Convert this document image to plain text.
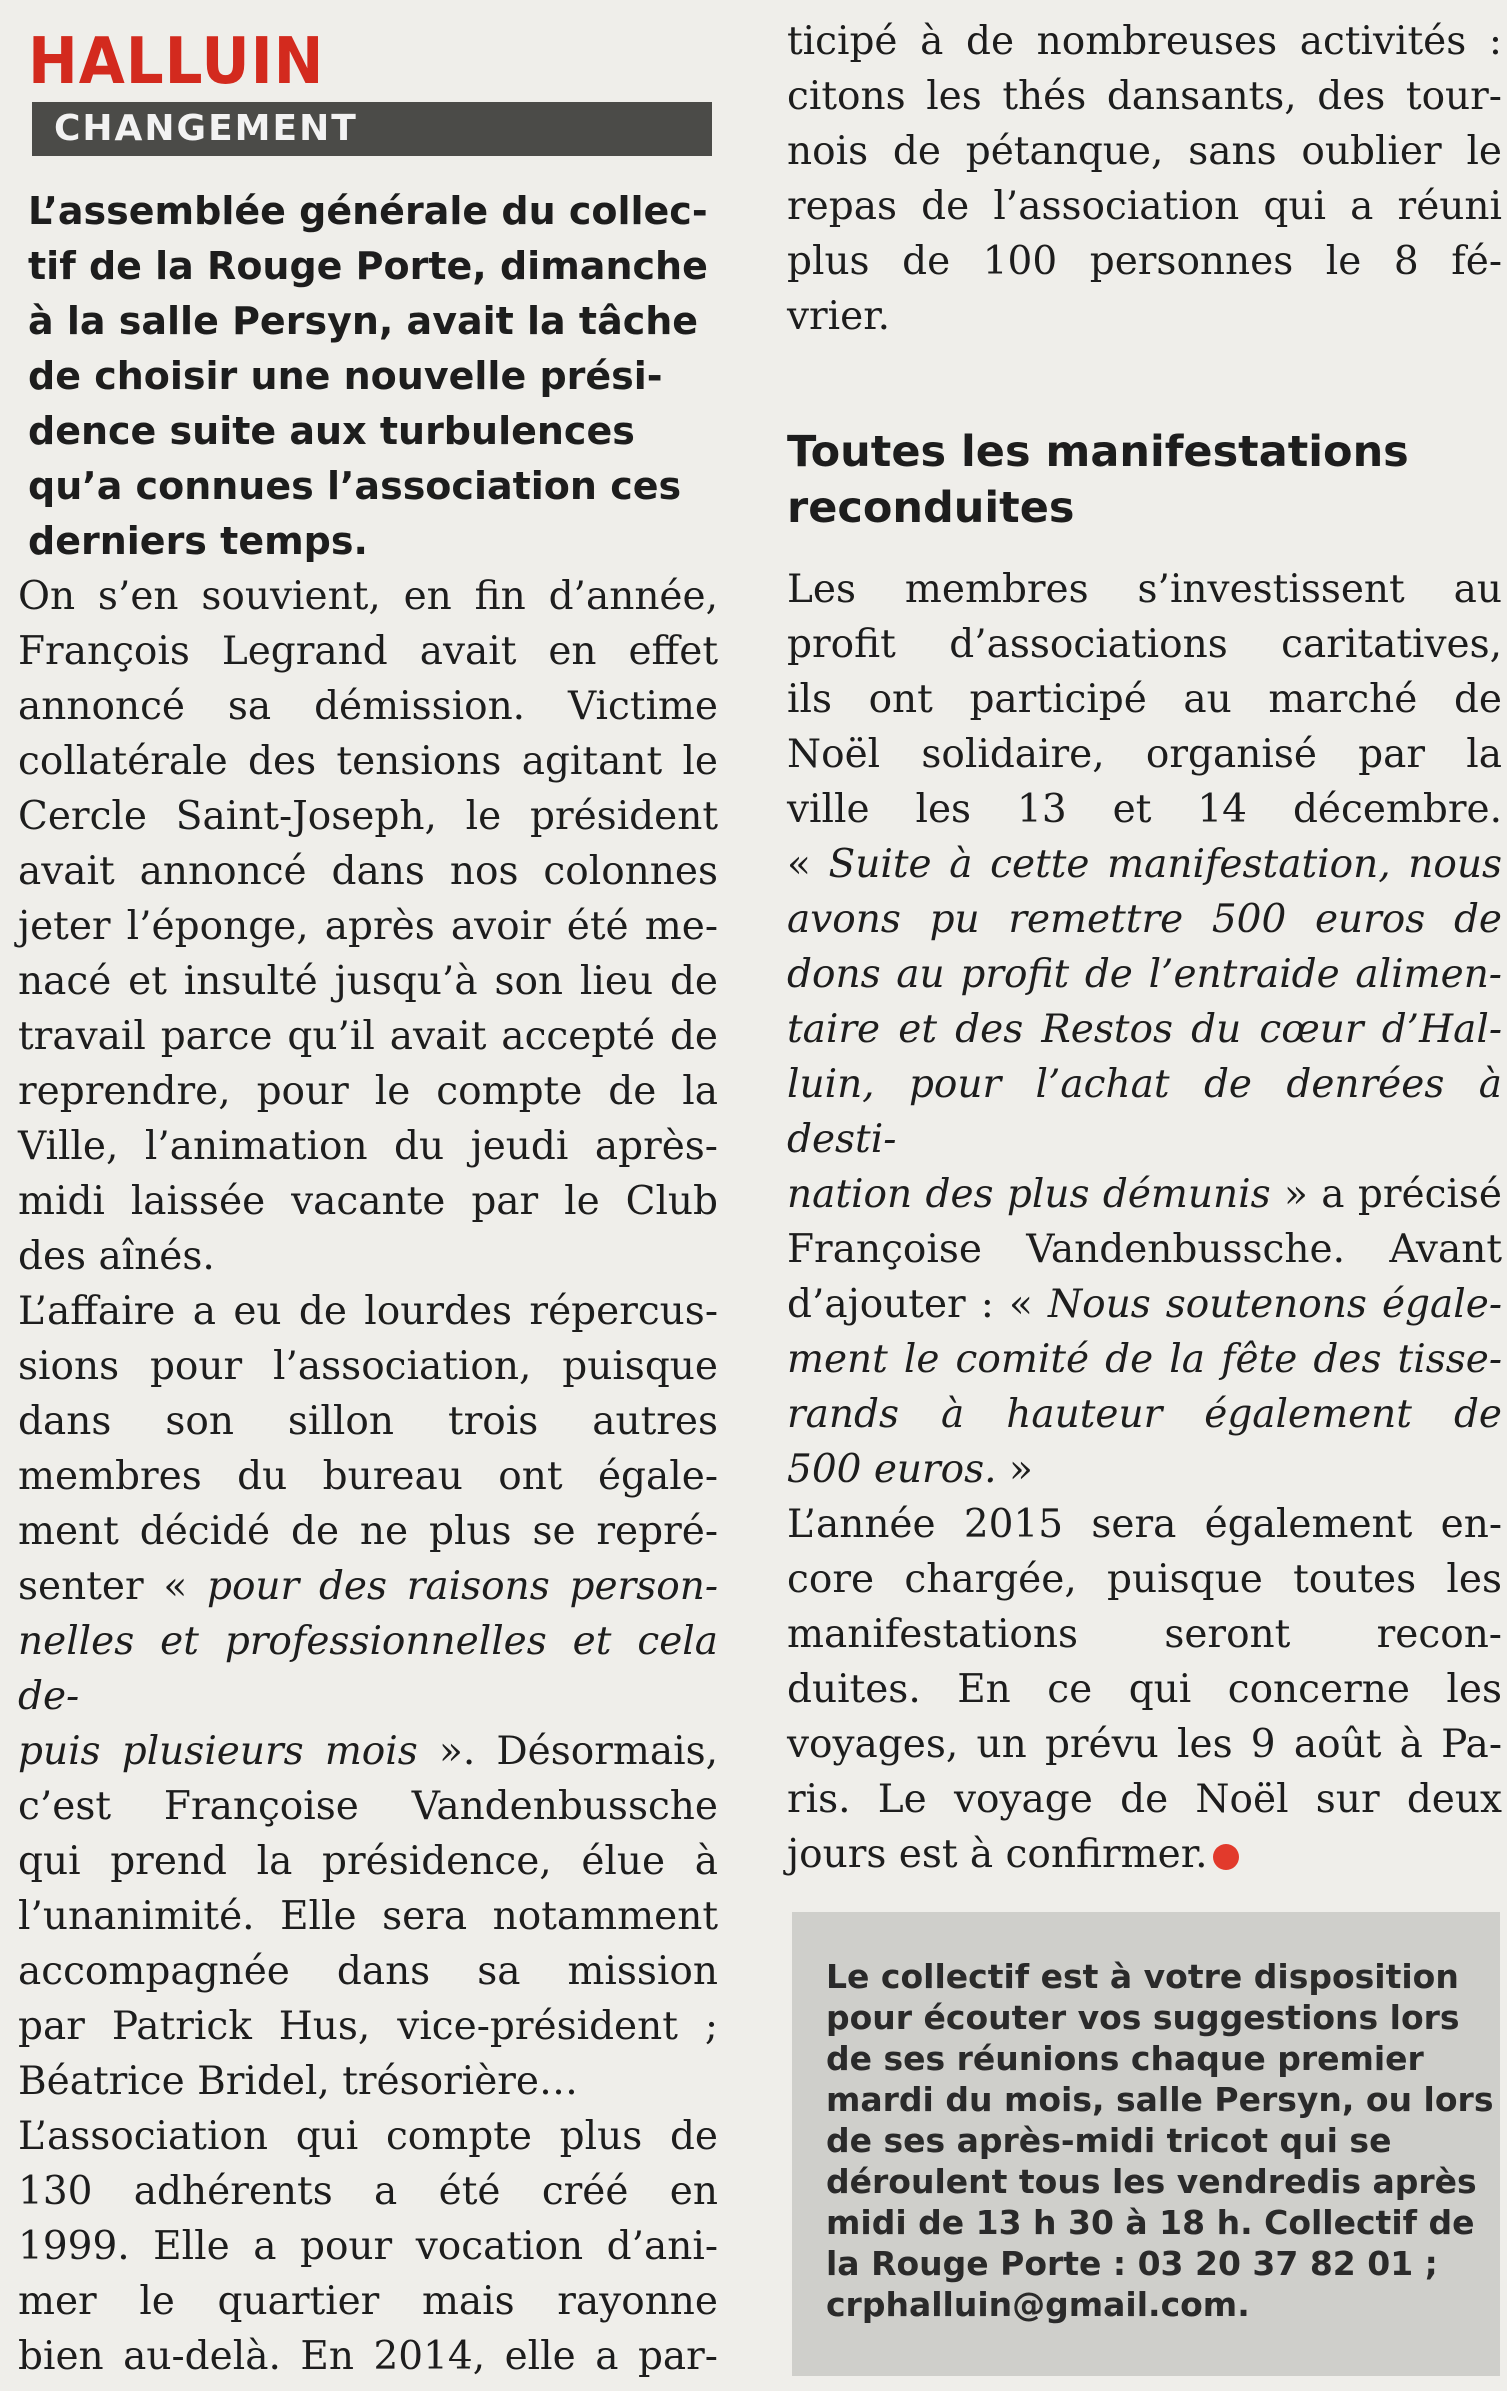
HALLUIN
CHANGEMENT
L’assemblée générale du collec-
tif de la Rouge Porte, dimanche
à la salle Persyn, avait la tâche
de choisir une nouvelle prési-
dence suite aux turbulences
qu’a connues l’association ces
derniers temps.

On s’en souvient, en fin d’année,
François Legrand avait en effet
annoncé sa démission. Victime
collatérale des tensions agitant le
Cercle Saint-Joseph, le président
avait annoncé dans nos colonnes
jeter l’éponge, après avoir été me-
nacé et insulté jusqu’à son lieu de
travail parce qu’il avait accepté de
reprendre, pour le compte de la
Ville, l’animation du jeudi après-
midi laissée vacante par le Club
des aînés.

L’affaire a eu de lourdes répercus-
sions pour l’association, puisque
dans son sillon trois autres
membres du bureau ont égale-
ment décidé de ne plus se repré-
senter « pour des raisons person-
nelles et professionnelles et cela de-
puis plusieurs mois ». Désormais,
c’est Françoise Vandenbussche
qui prend la présidence, élue à
l’unanimité. Elle sera notamment
accompagnée dans sa mission
par Patrick Hus, vice-président ;
Béatrice Bridel, trésorière…

L’association qui compte plus de
130 adhérents a été créé en
1999. Elle a pour vocation d’ani-
mer le quartier mais rayonne
bien au-delà. En 2014, elle a par-

ticipé à de nombreuses activités :
citons les thés dansants, des tour-
nois de pétanque, sans oublier le
repas de l’association qui a réuni
plus de 100 personnes le 8 fé-
vrier.

Toutes les manifestations
reconduites

Les membres s’investissent au
profit d’associations caritatives,
ils ont participé au marché de
Noël solidaire, organisé par la
ville les 13 et 14 décembre.
« Suite à cette manifestation, nous
avons pu remettre 500 euros de
dons au profit de l’entraide alimen-
taire et des Restos du cœur d’Hal-
luin, pour l’achat de denrées à desti-
nation des plus démunis » a précisé
Françoise Vandenbussche. Avant
d’ajouter : « Nous soutenons égale-
ment le comité de la fête des tisse-
rands à hauteur également de
500 euros. »

L’année 2015 sera également en-
core chargée, puisque toutes les
manifestations seront recon-
duites. En ce qui concerne les
voyages, un prévu les 9 août à Pa-
ris. Le voyage de Noël sur deux
jours est à confirmer.

Le collectif est à votre disposition
pour écouter vos suggestions lors
de ses réunions chaque premier
mardi du mois, salle Persyn, ou lors
de ses après-midi tricot qui se
déroulent tous les vendredis après
midi de 13 h 30 à 18 h. Collectif de
la Rouge Porte : 03 20 37 82 01 ;
crphalluin@gmail.com.
